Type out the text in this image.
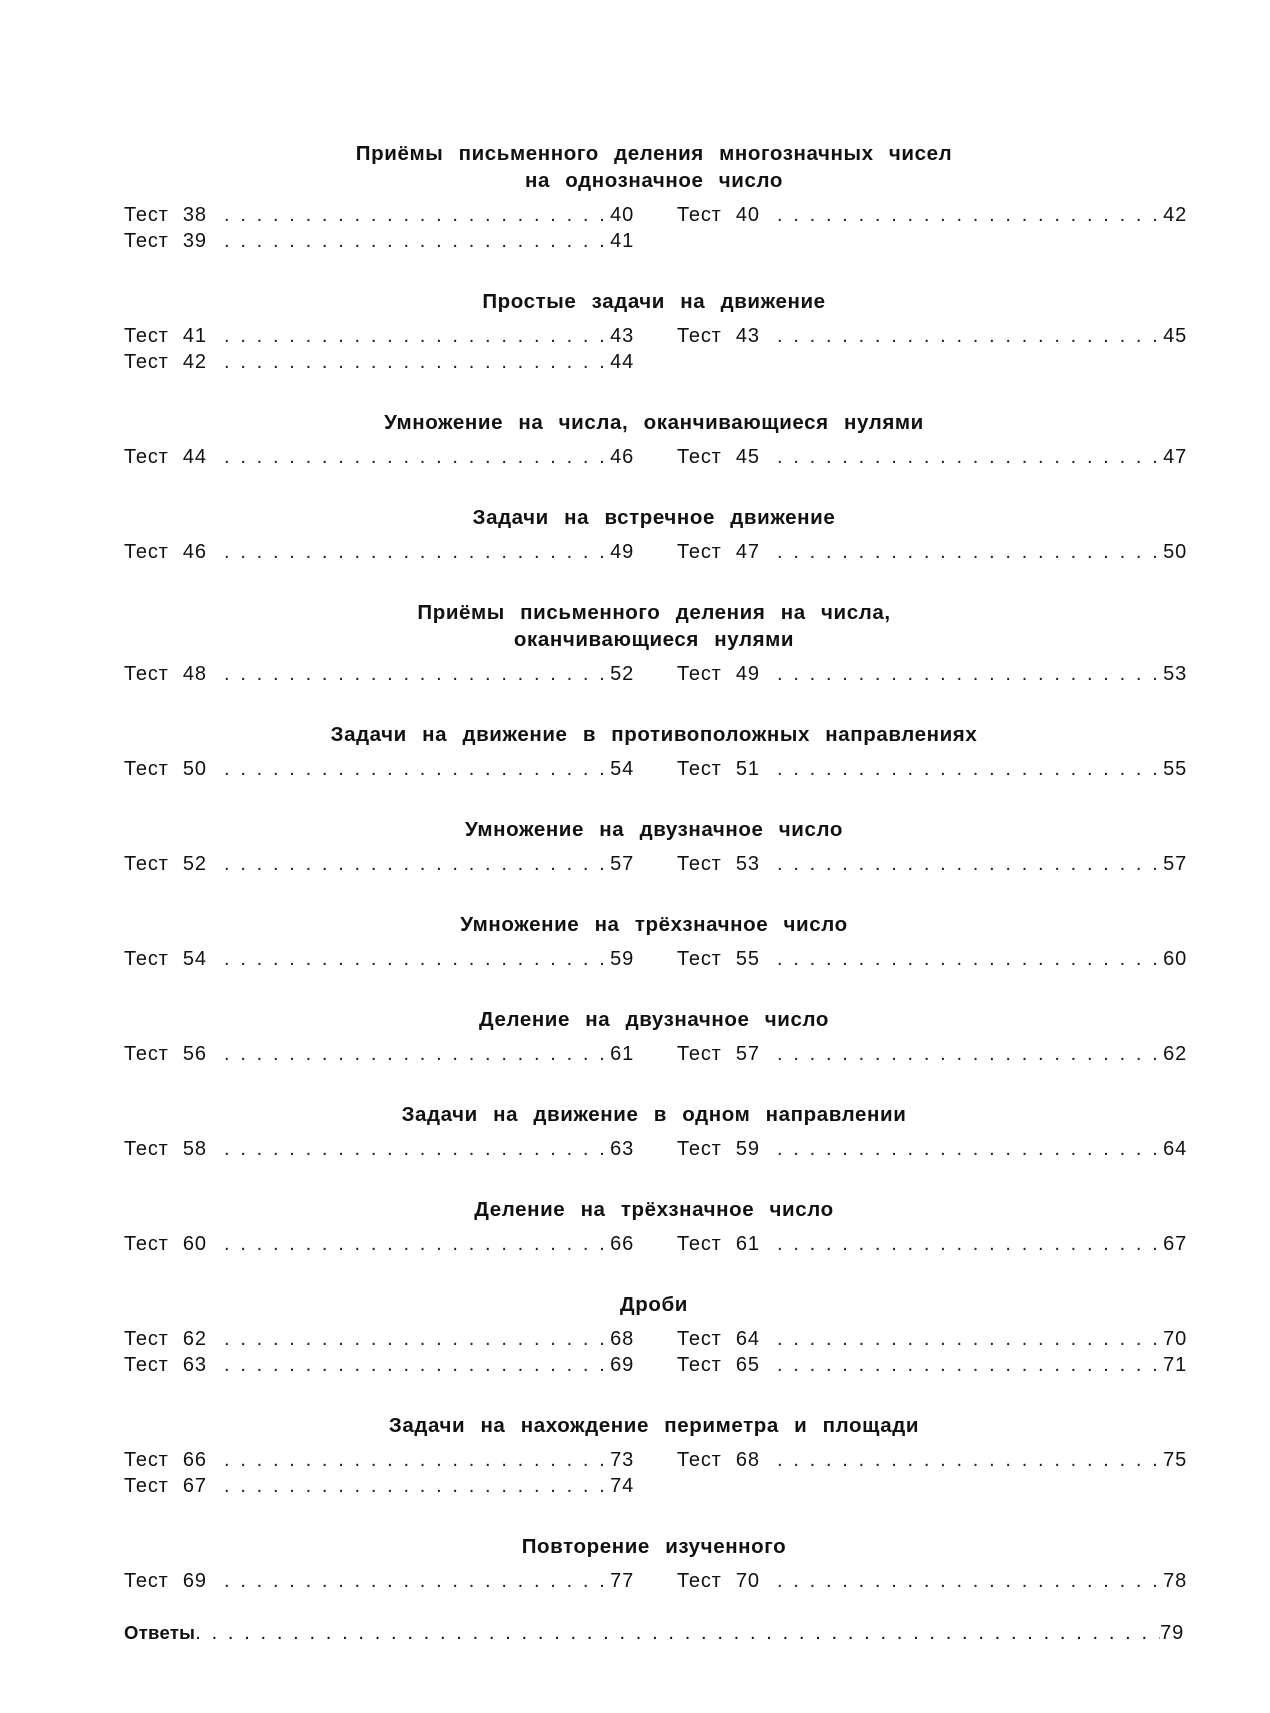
Приёмы письменного деления многозначных чисел
на однозначное число
Тест 38 . . .	40 Тест 40 . . .	42
Тест 39 . . .	41
Простые задачи на движение
Тест 41 . . .	43 Тест 43 . . .	45
Тест 42 . . .	44
Умножение на числа, оканчивающиеся нулями
Тест 44 . . .	46 Тест 45 . . .	47
Задачи на встречное движение
Тест 46 . . .	49 Тест 47 . . .	50
Приёмы письменного деления на числа,
оканчивающиеся нулями
Тест 48 . . .	52 Тест 49 . . .	53
Задачи на движение в противоположных направлениях
Тест 50 . . .	54 Тест 51 . . .	55
Умножение на двузначное число
Тест 52 . . .	57 Тест 53 . . .	57
Умножение на трёхзначное число
Тест 54 . . .	59 Тест 55 . . .	60
Деление на двузначное число
Тест 56 . . .	61 Тест 57 . . .	62
Задачи на движение в одном направлении
Тест 58 . . .	63 Тест 59 . . .	64
Деление на трёхзначное число
Тест 60 . . .	66 Тест 61 . . .	67
Дроби
Тест 62 . . .	68 Тест 64 . . .	70
Тест 63 . . .	69 Тест 65 . . .	71
Задачи на нахождение периметра и площади
Тест 66 . . .	73 Тест 68 . . .	75
Тест 67 . . .	74
Повторение изученного
Тест 69 . . .	77 Тест 70 . . .	78
Ответы . . .	79
